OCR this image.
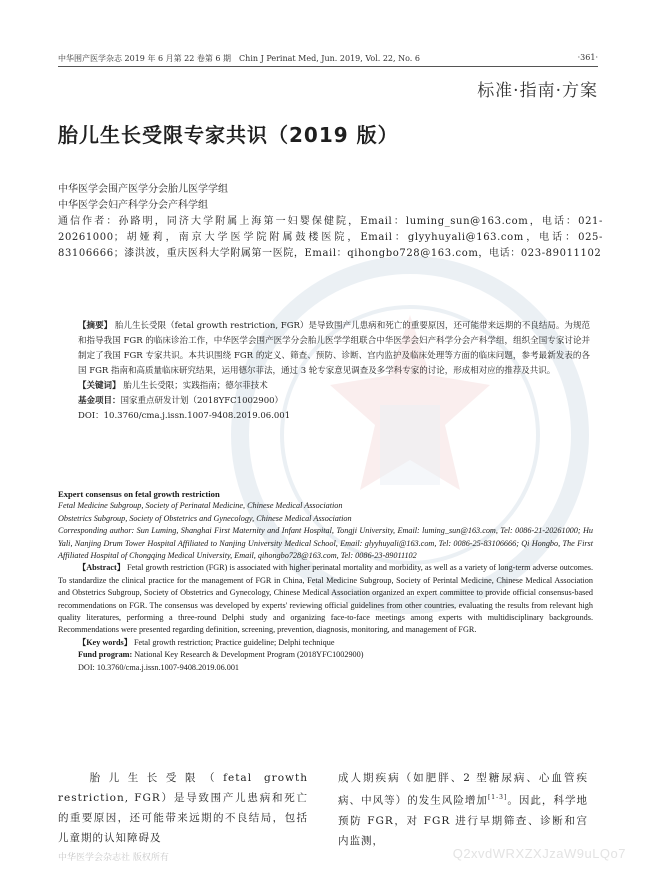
中华围产医学杂志 2019 年 6 月第 22 卷第 6 期　Chin J Perinat Med, Jun. 2019, Vol. 22, No. 6	·361·
标准·指南·方案
胎儿生长受限专家共识（2019 版）
中华医学会围产医学分会胎儿医学学组
中华医学会妇产科学分会产科学组
通信作者：孙路明，同济大学附属上海第一妇婴保健院，Email：luming_sun@163.com，电话：021-20261000；胡娅莉，南京大学医学院附属鼓楼医院，Email：glyyhuyali@163.com，电话：025-83106666；漆洪波，重庆医科大学附属第一医院，Email：qihongbo728@163.com，电话：023-89011102
【摘要】 胎儿生长受限（fetal growth restriction, FGR）是导致围产儿患病和死亡的重要原因，还可能带来远期的不良结局。为规范和指导我国 FGR 的临床诊治工作，中华医学会围产医学分会胎儿医学学组联合中华医学会妇产科学分会产科学组，组织全国专家讨论并制定了我国 FGR 专家共识。本共识围绕 FGR 的定义、筛查、预防、诊断、宫内监护及临床处理等方面的临床问题，参考最新发表的各国 FGR 指南和高质量临床研究结果，运用德尔菲法，通过 3 轮专家意见调查及多学科专家的讨论，形成相对应的推荐及共识。
【关键词】 胎儿生长受限；实践指南；德尔菲技术
基金项目：国家重点研发计划（2018YFC1002900）
DOI：10.3760/cma.j.issn.1007-9408.2019.06.001
Expert consensus on fetal growth restriction
Fetal Medicine Subgroup, Society of Perinatal Medicine, Chinese Medical Association
Obstetrics Subgroup, Society of Obstetrics and Gynecology, Chinese Medical Association
Corresponding author: Sun Luming, Shanghai First Maternity and Infant Hospital, Tongji University, Email: luming_sun@163.com, Tel: 0086-21-20261000; Hu Yali, Nanjing Drum Tower Hospital Affiliated to Nanjing University Medical School, Email: glyyhuyali@163.com, Tel: 0086-25-83106666; Qi Hongbo, The First Affiliated Hospital of Chongqing Medical University, Email, qihongbo728@163.com, Tel: 0086-23-89011102
【Abstract】 Fetal growth restriction (FGR) is associated with higher perinatal mortality and morbidity, as well as a variety of long-term adverse outcomes. To standardize the clinical practice for the management of FGR in China, Fetal Medicine Subgroup, Society of Perintal Medicine, Chinese Medical Association and Obstetrics Subgroup, Society of Obstetrics and Gynecology, Chinese Medical Association organized an expert committee to provide official consensus-based recommendations on FGR. The consensus was developed by experts' reviewing official guidelines from other countries, evaluating the results from relevant high quality literatures, performing a three-round Delphi study and organizing face-to-face meetings among experts with multidisciplinary backgrounds. Recommendations were presented regarding definition, screening, prevention, diagnosis, monitoring, and management of FGR.
【Key words】 Fetal growth restriction; Practice guideline; Delphi technique
Fund program: National Key Research & Development Program (2018YFC1002900)
DOI: 10.3760/cma.j.issn.1007-9408.2019.06.001
胎儿生长受限（fetal growth restriction, FGR）是导致围产儿患病和死亡的重要原因，还可能带来远期的不良结局，包括儿童期的认知障碍及
成人期疾病（如肥胖、2 型糖尿病、心血管疾病、中风等）的发生风险增加[1-3]。因此，科学地预防 FGR，对 FGR 进行早期筛查、诊断和宫内监测，
中华医学会杂志社 版权所有	Q2xvdWRXZXJzaW9uLQo7
